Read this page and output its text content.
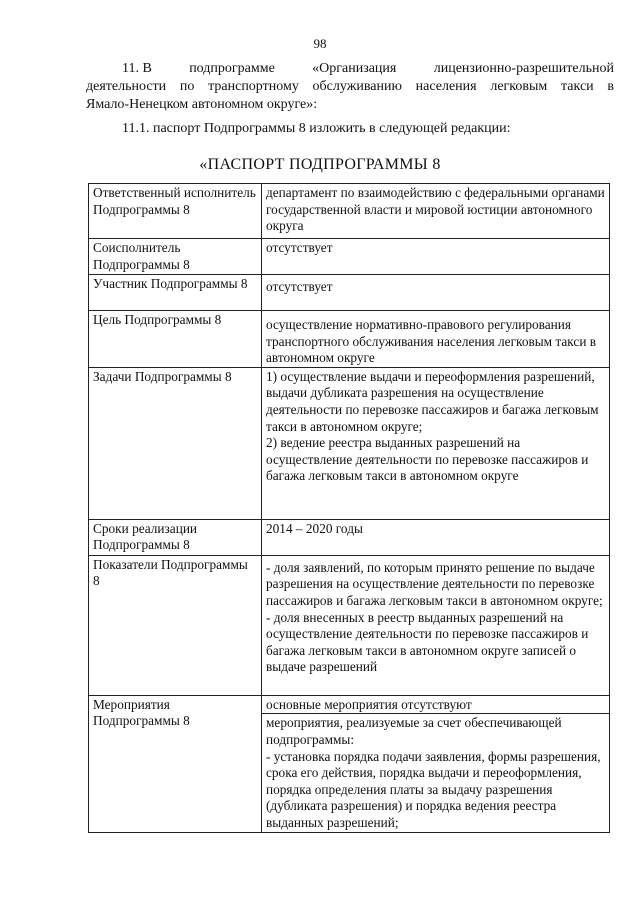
98
11. В	подпрограмме	«Организация	лицензионно-разрешительной
деятельности по транспортному обслуживанию населения легковым такси в
Ямало-Ненецком автономном округе»:
11.1. паспорт Подпрограммы 8 изложить в следующей редакции:
«ПАСПОРТ ПОДПРОГРАММЫ 8
Ответственный исполнитель Подпрограммы 8	департамент по взаимодействию с федеральными органами государственной власти и мировой юстиции автономного округа
Соисполнитель Подпрограммы 8	отсутствует
Участник Подпрограммы 8	отсутствует
Цель Подпрограммы 8	осуществление нормативно-правового регулирования транспортного обслуживания населения легковым такси в автономном округе
Задачи Подпрограммы 8	1) осуществление выдачи и переоформления разрешений, выдачи дубликата разрешения на осуществление деятельности по перевозке пассажиров и багажа легковым такси в автономном округе;
2) ведение реестра выданных разрешений на осуществление деятельности по перевозке пассажиров и багажа легковым такси в автономном округе

Сроки реализации Подпрограммы 8	2014 – 2020 годы
Показатели Подпрограммы 8	- доля заявлений, по которым принято решение по выдаче разрешения на осуществление деятельности по перевозке пассажиров и багажа легковым такси в автономном округе;
- доля внесенных в реестр выданных разрешений на осуществление деятельности по перевозке пассажиров и багажа легковым такси в автономном округе записей о выдаче разрешений

Мероприятия Подпрограммы 8	основные мероприятия отсутствуют
мероприятия, реализуемые за счет обеспечивающей подпрограммы:
- установка порядка подачи заявления, формы разрешения, срока его действия, порядка выдачи и переоформления, порядка определения платы за выдачу разрешения (дубликата разрешения) и порядка ведения реестра выданных разрешений;
